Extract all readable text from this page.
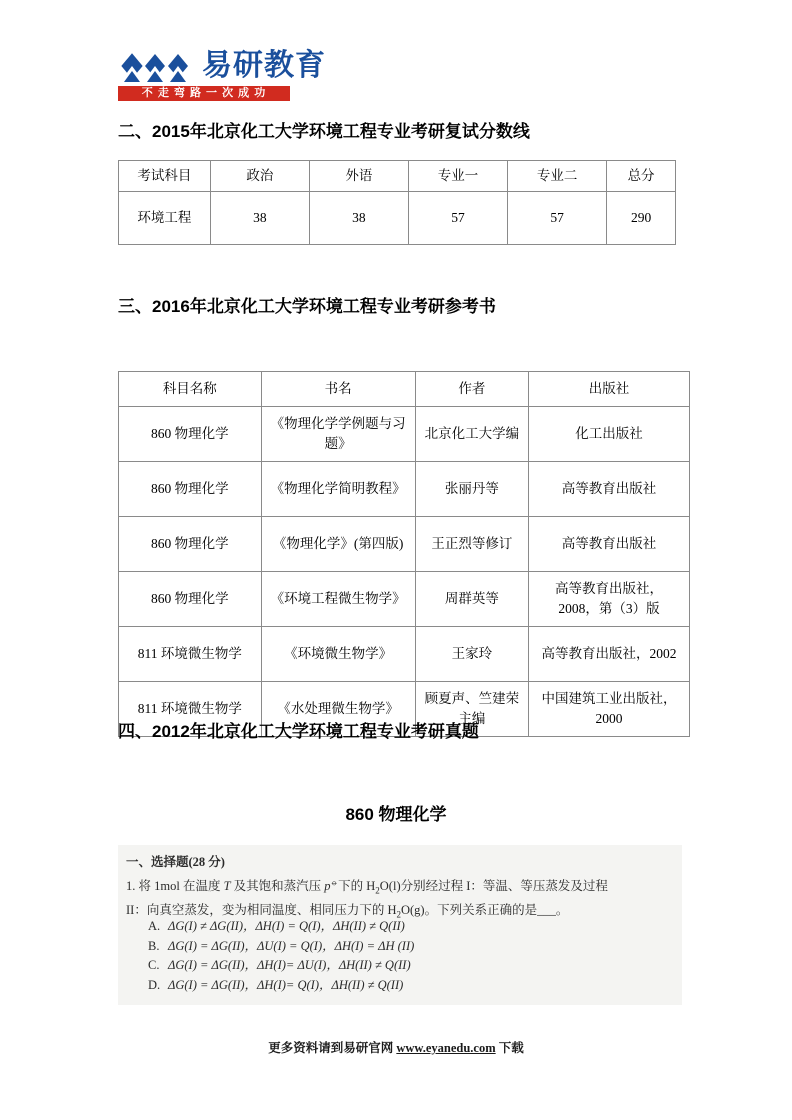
易研教育
不 走 弯 路 一 次 成 功
二、2015年北京化工大学环境工程专业考研复试分数线
考试科目	政治	外语	专业一	专业二	总分
环境工程	38	38	57	57	290
三、2016年北京化工大学环境工程专业考研参考书
科目名称	书名	作者	出版社
860 物理化学	《物理化学学例题与习题》	北京化工大学编	化工出版社
860 物理化学	《物理化学简明教程》	张丽丹等	高等教育出版社
860 物理化学	《物理化学》(第四版)	王正烈等修订	高等教育出版社
860 物理化学	《环境工程微生物学》	周群英等	高等教育出版社，2008，第（3）版
811 环境微生物学	《环境微生物学》	王家玲	高等教育出版社，2002
811 环境微生物学	《水处理微生物学》	顾夏声、竺建荣主编	中国建筑工业出版社，2000
四、2012年北京化工大学环境工程专业考研真题
860 物理化学
一、选择题(28 分)
1. 将 1mol 在温度 T 及其饱和蒸汽压 p⦵下的 $H_2O(l)$分别经过程 I：等温、等压蒸发及过程
II：向真空蒸发，变为相同温度、相同压力下的 $H_2O(g)$。下列关系正确的是___。
A. ΔG(I) ≠ ΔG(II)，ΔH(I) = Q(I)，ΔH(II) ≠ Q(II)
B. ΔG(I) = ΔG(II)，ΔU(I) = Q(I)，ΔH(I) = ΔH (II)
C. ΔG(I) = ΔG(II)，ΔH(I)= ΔU(I)，ΔH(II) ≠ Q(II)
D. ΔG(I) = ΔG(II)，ΔH(I)= Q(I)，ΔH(II) ≠ Q(II)
更多资料请到易研官网 www.eyanedu.com 下载
